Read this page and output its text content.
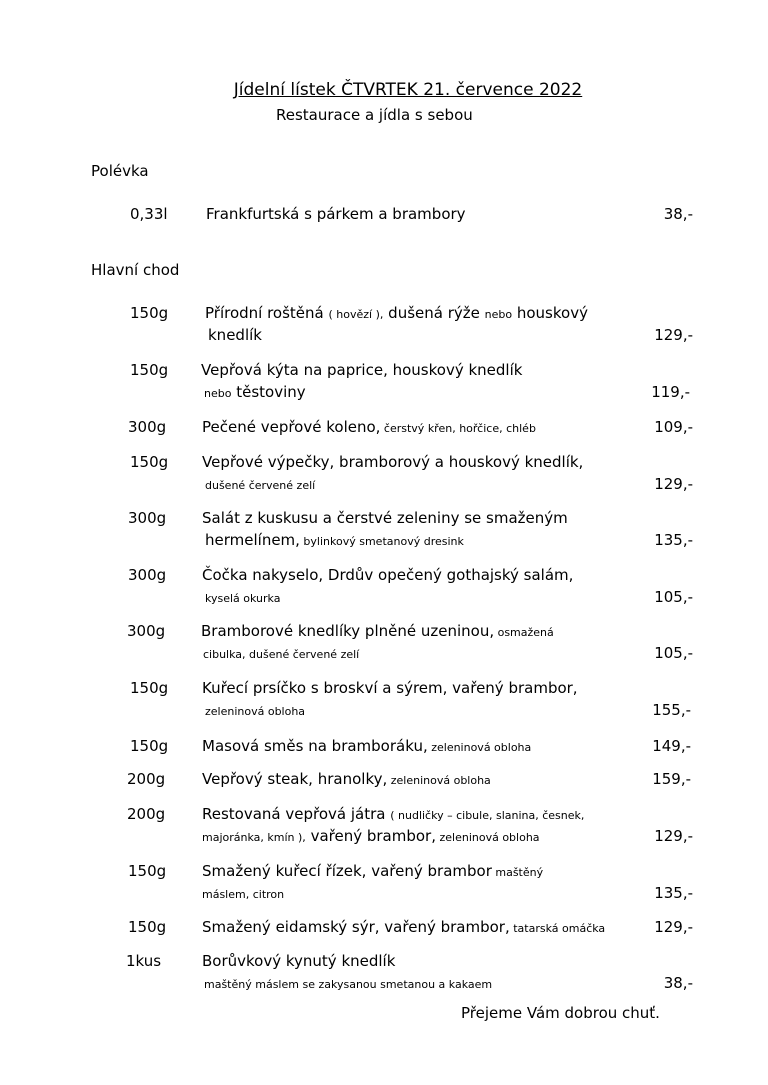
Jídelní lístek ČTVRTEK 21. července 2022
Restaurace a jídla s sebou
Polévka
0,33l	Frankfurtská s párkem a brambory	38,-
Hlavní chod
150g Přírodní roštěná ( hovězí ), dušená rýže nebo houskový
knedlík	129,-
150g Vepřová kýta na paprice, houskový knedlík
nebo těstoviny	119,-
300g Pečené vepřové koleno, čerstvý křen, hořčice, chléb	109,-
150g Vepřové výpečky, bramborový a houskový knedlík,
dušené červené zelí	129,-
300g Salát z kuskusu a čerstvé zeleniny se smaženým
hermelínem, bylinkový smetanový dresink	135,-
300g Čočka nakyselo, Drdův opečený gothajský salám,
kyselá okurka	105,-
300g Bramborové knedlíky plněné uzeninou, osmažená
cibulka, dušené červené zelí	105,-
150g Kuřecí prsíčko s broskví a sýrem, vařený brambor,
zeleninová obloha	155,-
150g Masová směs na bramboráku, zeleninová obloha	149,-
200g Vepřový steak, hranolky, zeleninová obloha	159,-
200g Restovaná vepřová játra ( nudličky – cibule, slanina, česnek,
majoránka, kmín ), vařený brambor, zeleninová obloha	129,-
150g Smažený kuřecí řízek, vařený brambor maštěný
máslem, citron	135,-
150g Smažený eidamský sýr, vařený brambor, tatarská omáčka	129,-
1kus	Borůvkový kynutý knedlík
maštěný máslem se zakysanou smetanou a kakaem	38,-
Přejeme Vám dobrou chuť.
